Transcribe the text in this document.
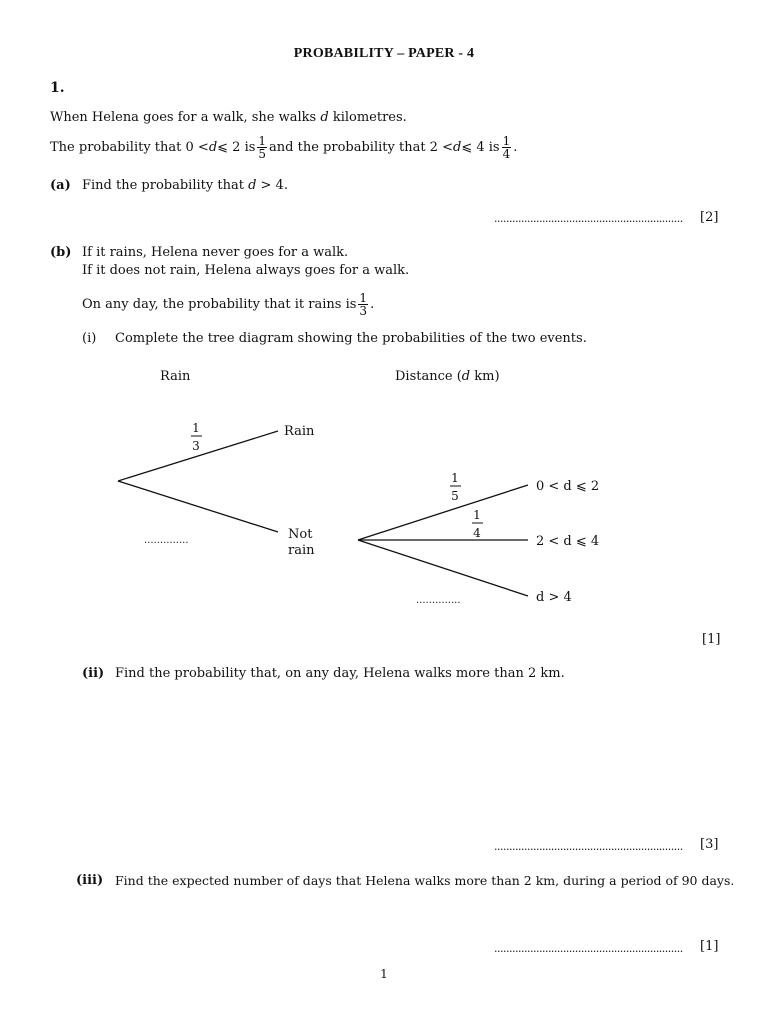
PROBABILITY – PAPER - 4
1.
When Helena goes for a walk, she walks d kilometres.
The probability that 0 < d ⩽ 2 is $\frac{1}{5}$ and the probability that 2 < d ⩽ 4 is $\frac{1}{4}$ .
(a) Find the probability that d > 4.
............................................................... [2]
(b) If it rains, Helena never goes for a walk.
If it does not rain, Helena always goes for a walk.
On any day, the probability that it rains is $\frac{1}{3}$ .
(i) Complete the tree diagram showing the probabilities of the two events.
Rain	Distance (d km)
1
3
Rain
Not
rain
..............
1
5
1
4
..............
0 < d ⩽ 2
2 < d ⩽ 4
d > 4
[1]
(ii) Find the probability that, on any day, Helena walks more than 2 km.
............................................................... [3]
(iii) Find the expected number of days that Helena walks more than 2 km, during a period of 90 days.
............................................................... [1]
1
